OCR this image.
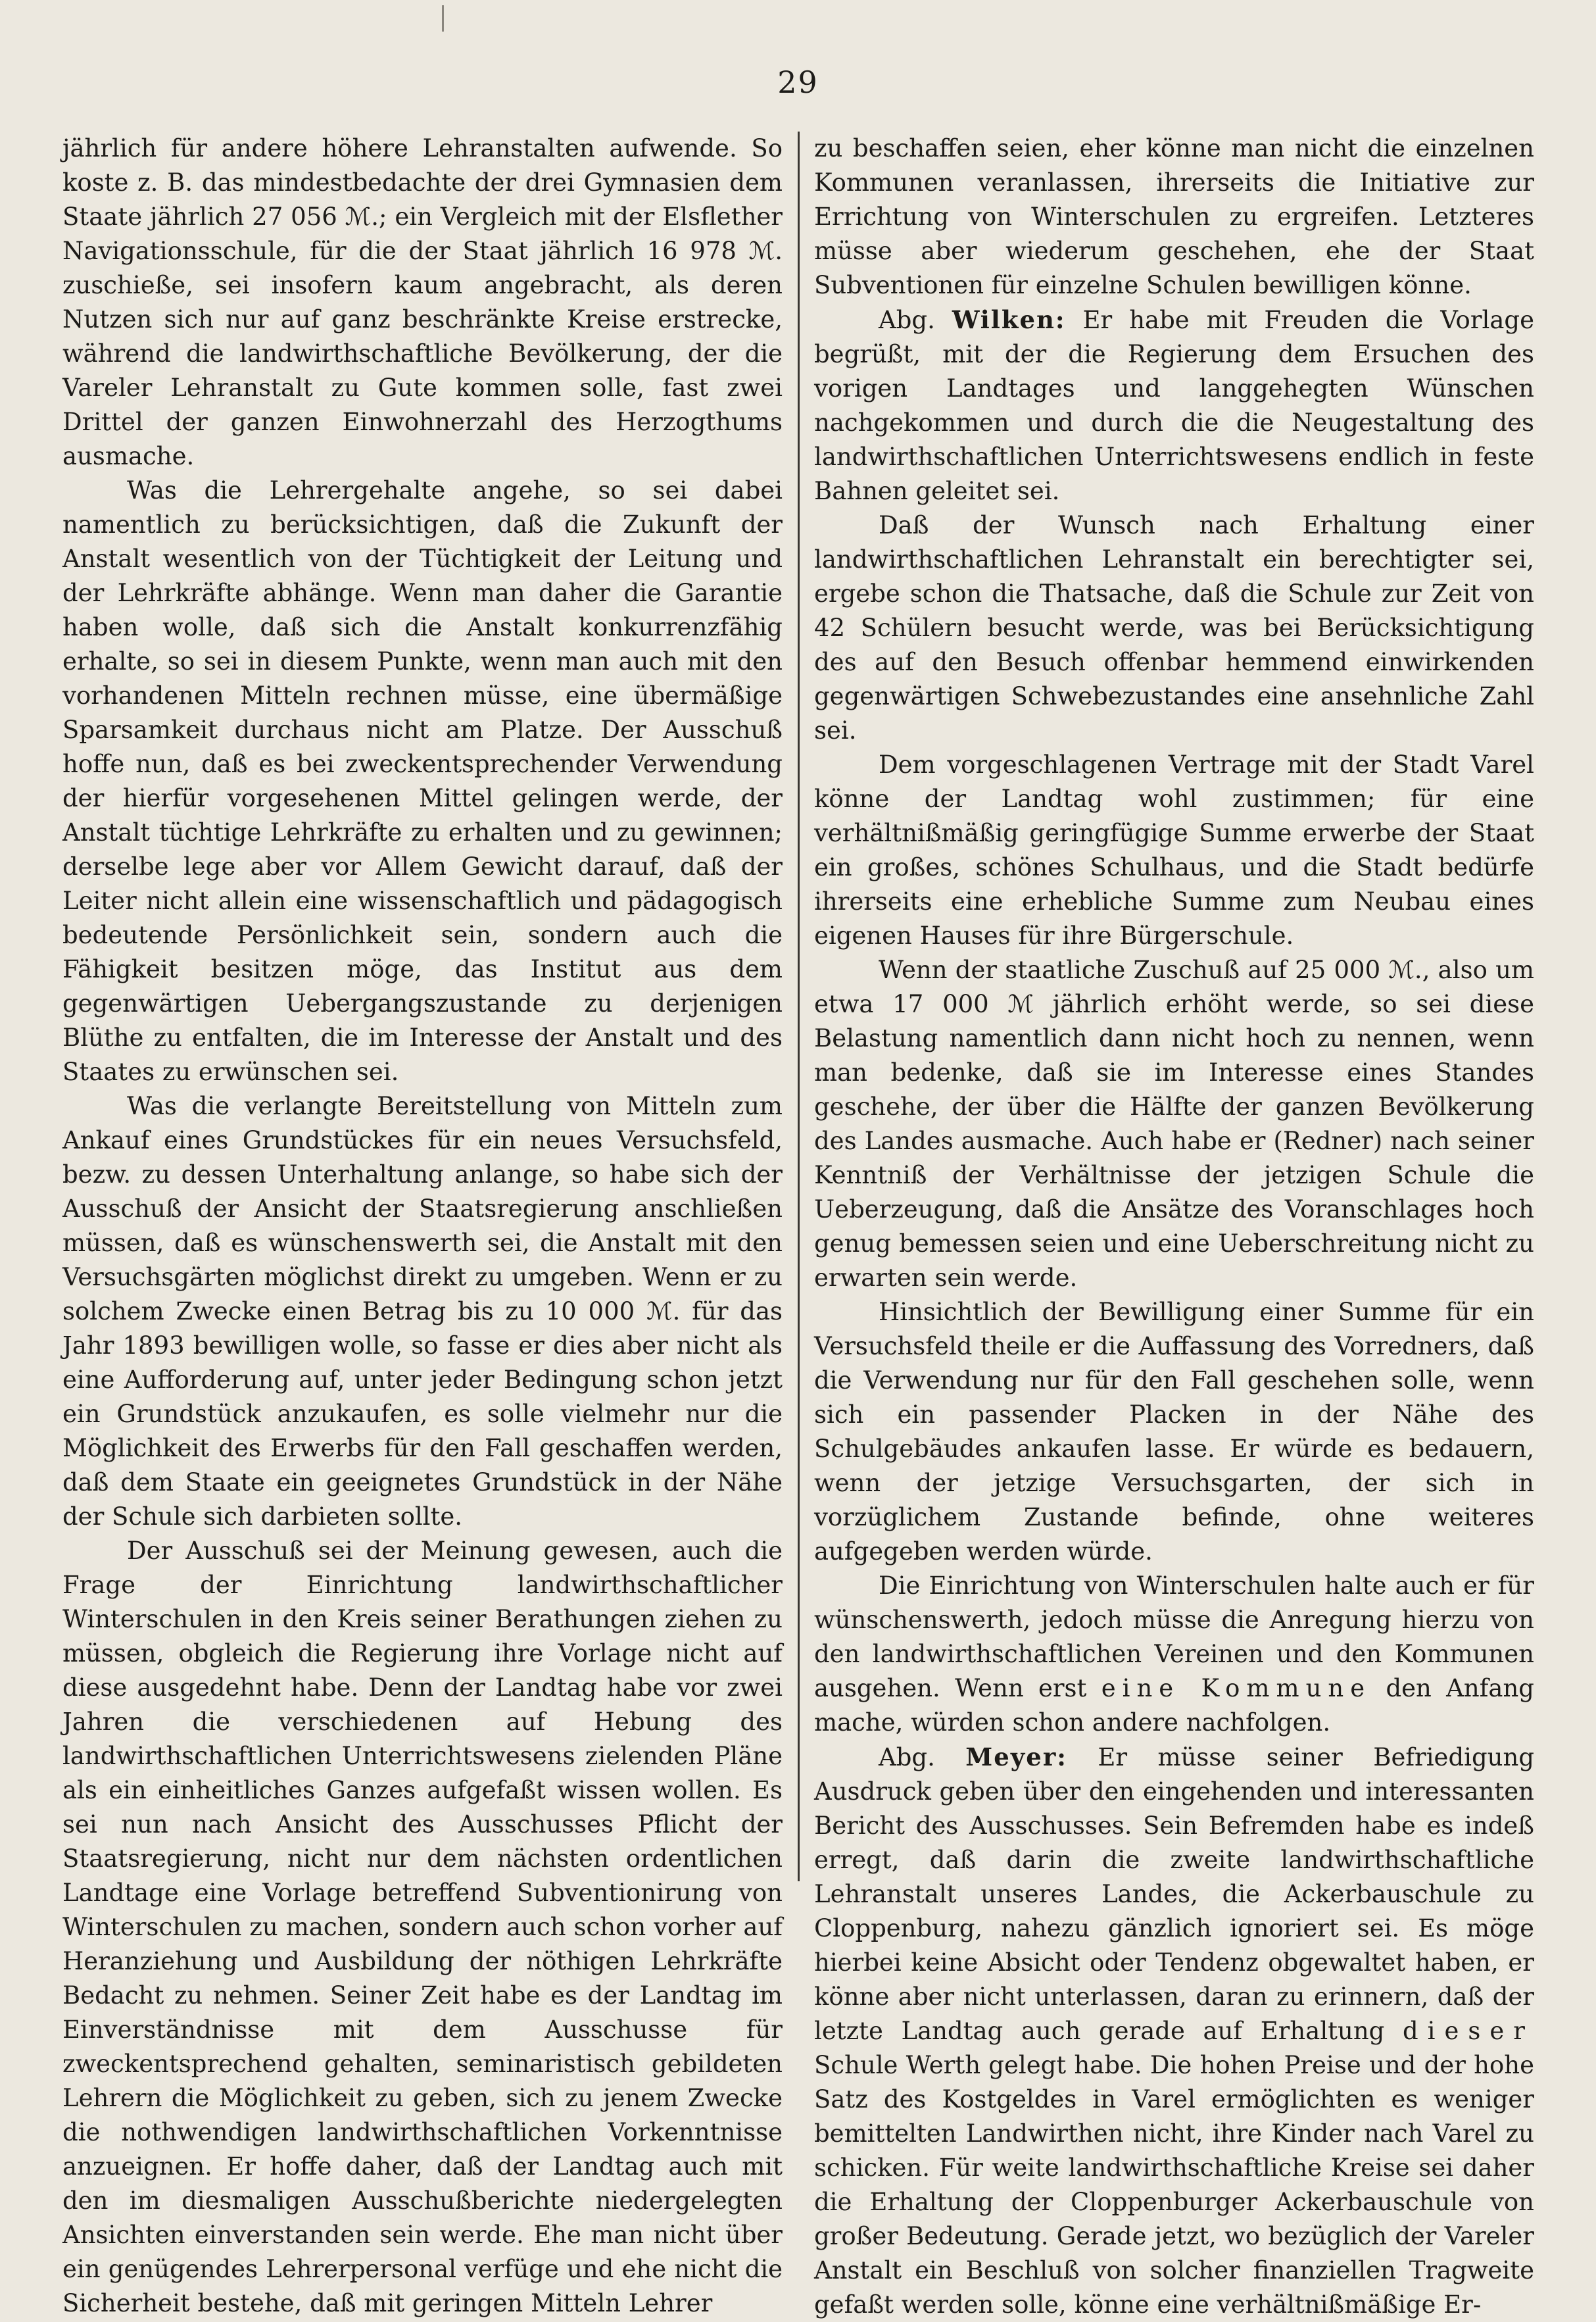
29

jährlich für andere höhere Lehranstalten aufwende. So koste z. B. das mindestbedachte der drei Gymnasien dem Staate jährlich 27 056 ℳ.; ein Vergleich mit der Elsflether Navigationsschule, für die der Staat jährlich 16 978 ℳ. zuschieße, sei insofern kaum angebracht, als deren Nutzen sich nur auf ganz beschränkte Kreise erstrecke, während die landwirthschaftliche Bevölkerung, der die Vareler Lehranstalt zu Gute kommen solle, fast zwei Drittel der ganzen Einwohnerzahl des Herzogthums ausmache.

Was die Lehrergehalte angehe, so sei dabei namentlich zu berücksichtigen, daß die Zukunft der Anstalt wesentlich von der Tüchtigkeit der Leitung und der Lehrkräfte abhänge. Wenn man daher die Garantie haben wolle, daß sich die Anstalt konkurrenzfähig erhalte, so sei in diesem Punkte, wenn man auch mit den vorhandenen Mitteln rechnen müsse, eine übermäßige Sparsamkeit durchaus nicht am Platze. Der Ausschuß hoffe nun, daß es bei zweckentsprechender Verwendung der hierfür vorgesehenen Mittel gelingen werde, der Anstalt tüchtige Lehrkräfte zu erhalten und zu gewinnen; derselbe lege aber vor Allem Gewicht darauf, daß der Leiter nicht allein eine wissenschaftlich und pädagogisch bedeutende Persönlichkeit sein, sondern auch die Fähigkeit besitzen möge, das Institut aus dem gegenwärtigen Uebergangszustande zu derjenigen Blüthe zu entfalten, die im Interesse der Anstalt und des Staates zu erwünschen sei.

Was die verlangte Bereitstellung von Mitteln zum Ankauf eines Grundstückes für ein neues Versuchsfeld, bezw. zu dessen Unterhaltung anlange, so habe sich der Ausschuß der Ansicht der Staatsregierung anschließen müssen, daß es wünschenswerth sei, die Anstalt mit den Versuchsgärten möglichst direkt zu umgeben. Wenn er zu solchem Zwecke einen Betrag bis zu 10 000 ℳ. für das Jahr 1893 bewilligen wolle, so fasse er dies aber nicht als eine Aufforderung auf, unter jeder Bedingung schon jetzt ein Grundstück anzukaufen, es solle vielmehr nur die Möglichkeit des Erwerbs für den Fall geschaffen werden, daß dem Staate ein geeignetes Grundstück in der Nähe der Schule sich darbieten sollte.

Der Ausschuß sei der Meinung gewesen, auch die Frage der Einrichtung landwirthschaftlicher Winterschulen in den Kreis seiner Berathungen ziehen zu müssen, obgleich die Regierung ihre Vorlage nicht auf diese ausgedehnt habe. Denn der Landtag habe vor zwei Jahren die verschiedenen auf Hebung des landwirthschaftlichen Unterrichtswesens zielenden Pläne als ein einheitliches Ganzes aufgefaßt wissen wollen. Es sei nun nach Ansicht des Ausschusses Pflicht der Staatsregierung, nicht nur dem nächsten ordentlichen Landtage eine Vorlage betreffend Subventionirung von Winterschulen zu machen, sondern auch schon vorher auf Heranziehung und Ausbildung der nöthigen Lehrkräfte Bedacht zu nehmen. Seiner Zeit habe es der Landtag im Einverständnisse mit dem Ausschusse für zweckentsprechend gehalten, seminaristisch gebildeten Lehrern die Möglichkeit zu geben, sich zu jenem Zwecke die nothwendigen landwirthschaftlichen Vorkenntnisse anzueignen. Er hoffe daher, daß der Landtag auch mit den im diesmaligen Ausschußberichte niedergelegten Ansichten einverstanden sein werde. Ehe man nicht über ein genügendes Lehrerpersonal verfüge und ehe nicht die Sicherheit bestehe, daß mit geringen Mitteln Lehrer

zu beschaffen seien, eher könne man nicht die einzelnen Kommunen veranlassen, ihrerseits die Initiative zur Errichtung von Winterschulen zu ergreifen. Letzteres müsse aber wiederum geschehen, ehe der Staat Subventionen für einzelne Schulen bewilligen könne.

Abg. Wilken: Er habe mit Freuden die Vorlage begrüßt, mit der die Regierung dem Ersuchen des vorigen Landtages und langgehegten Wünschen nachgekommen und durch die die Neugestaltung des landwirthschaftlichen Unterrichtswesens endlich in feste Bahnen geleitet sei.

Daß der Wunsch nach Erhaltung einer landwirthschaftlichen Lehranstalt ein berechtigter sei, ergebe schon die Thatsache, daß die Schule zur Zeit von 42 Schülern besucht werde, was bei Berücksichtigung des auf den Besuch offenbar hemmend einwirkenden gegenwärtigen Schwebezustandes eine ansehnliche Zahl sei.

Dem vorgeschlagenen Vertrage mit der Stadt Varel könne der Landtag wohl zustimmen; für eine verhältnißmäßig geringfügige Summe erwerbe der Staat ein großes, schönes Schulhaus, und die Stadt bedürfe ihrerseits eine erhebliche Summe zum Neubau eines eigenen Hauses für ihre Bürgerschule.

Wenn der staatliche Zuschuß auf 25 000 ℳ., also um etwa 17 000 ℳ jährlich erhöht werde, so sei diese Belastung namentlich dann nicht hoch zu nennen, wenn man bedenke, daß sie im Interesse eines Standes geschehe, der über die Hälfte der ganzen Bevölkerung des Landes ausmache. Auch habe er (Redner) nach seiner Kenntniß der Verhältnisse der jetzigen Schule die Ueberzeugung, daß die Ansätze des Voranschlages hoch genug bemessen seien und eine Ueberschreitung nicht zu erwarten sein werde.

Hinsichtlich der Bewilligung einer Summe für ein Versuchsfeld theile er die Auffassung des Vorredners, daß die Verwendung nur für den Fall geschehen solle, wenn sich ein passender Placken in der Nähe des Schulgebäudes ankaufen lasse. Er würde es bedauern, wenn der jetzige Versuchsgarten, der sich in vorzüglichem Zustande befinde, ohne weiteres aufgegeben werden würde.

Die Einrichtung von Winterschulen halte auch er für wünschenswerth, jedoch müsse die Anregung hierzu von den landwirthschaftlichen Vereinen und den Kommunen ausgehen. Wenn erst eine Kommune den Anfang mache, würden schon andere nachfolgen.

Abg. Meyer: Er müsse seiner Befriedigung Ausdruck geben über den eingehenden und interessanten Bericht des Ausschusses. Sein Befremden habe es indeß erregt, daß darin die zweite landwirthschaftliche Lehranstalt unseres Landes, die Ackerbauschule zu Cloppenburg, nahezu gänzlich ignoriert sei. Es möge hierbei keine Absicht oder Tendenz obgewaltet haben, er könne aber nicht unterlassen, daran zu erinnern, daß der letzte Landtag auch gerade auf Erhaltung dieser Schule Werth gelegt habe. Die hohen Preise und der hohe Satz des Kostgeldes in Varel ermöglichten es weniger bemittelten Landwirthen nicht, ihre Kinder nach Varel zu schicken. Für weite landwirthschaftliche Kreise sei daher die Erhaltung der Cloppenburger Ackerbauschule von großer Bedeutung. Gerade jetzt, wo bezüglich der Vareler Anstalt ein Beschluß von solcher finanziellen Tragweite gefaßt werden solle, könne eine verhältnißmäßige Er-
